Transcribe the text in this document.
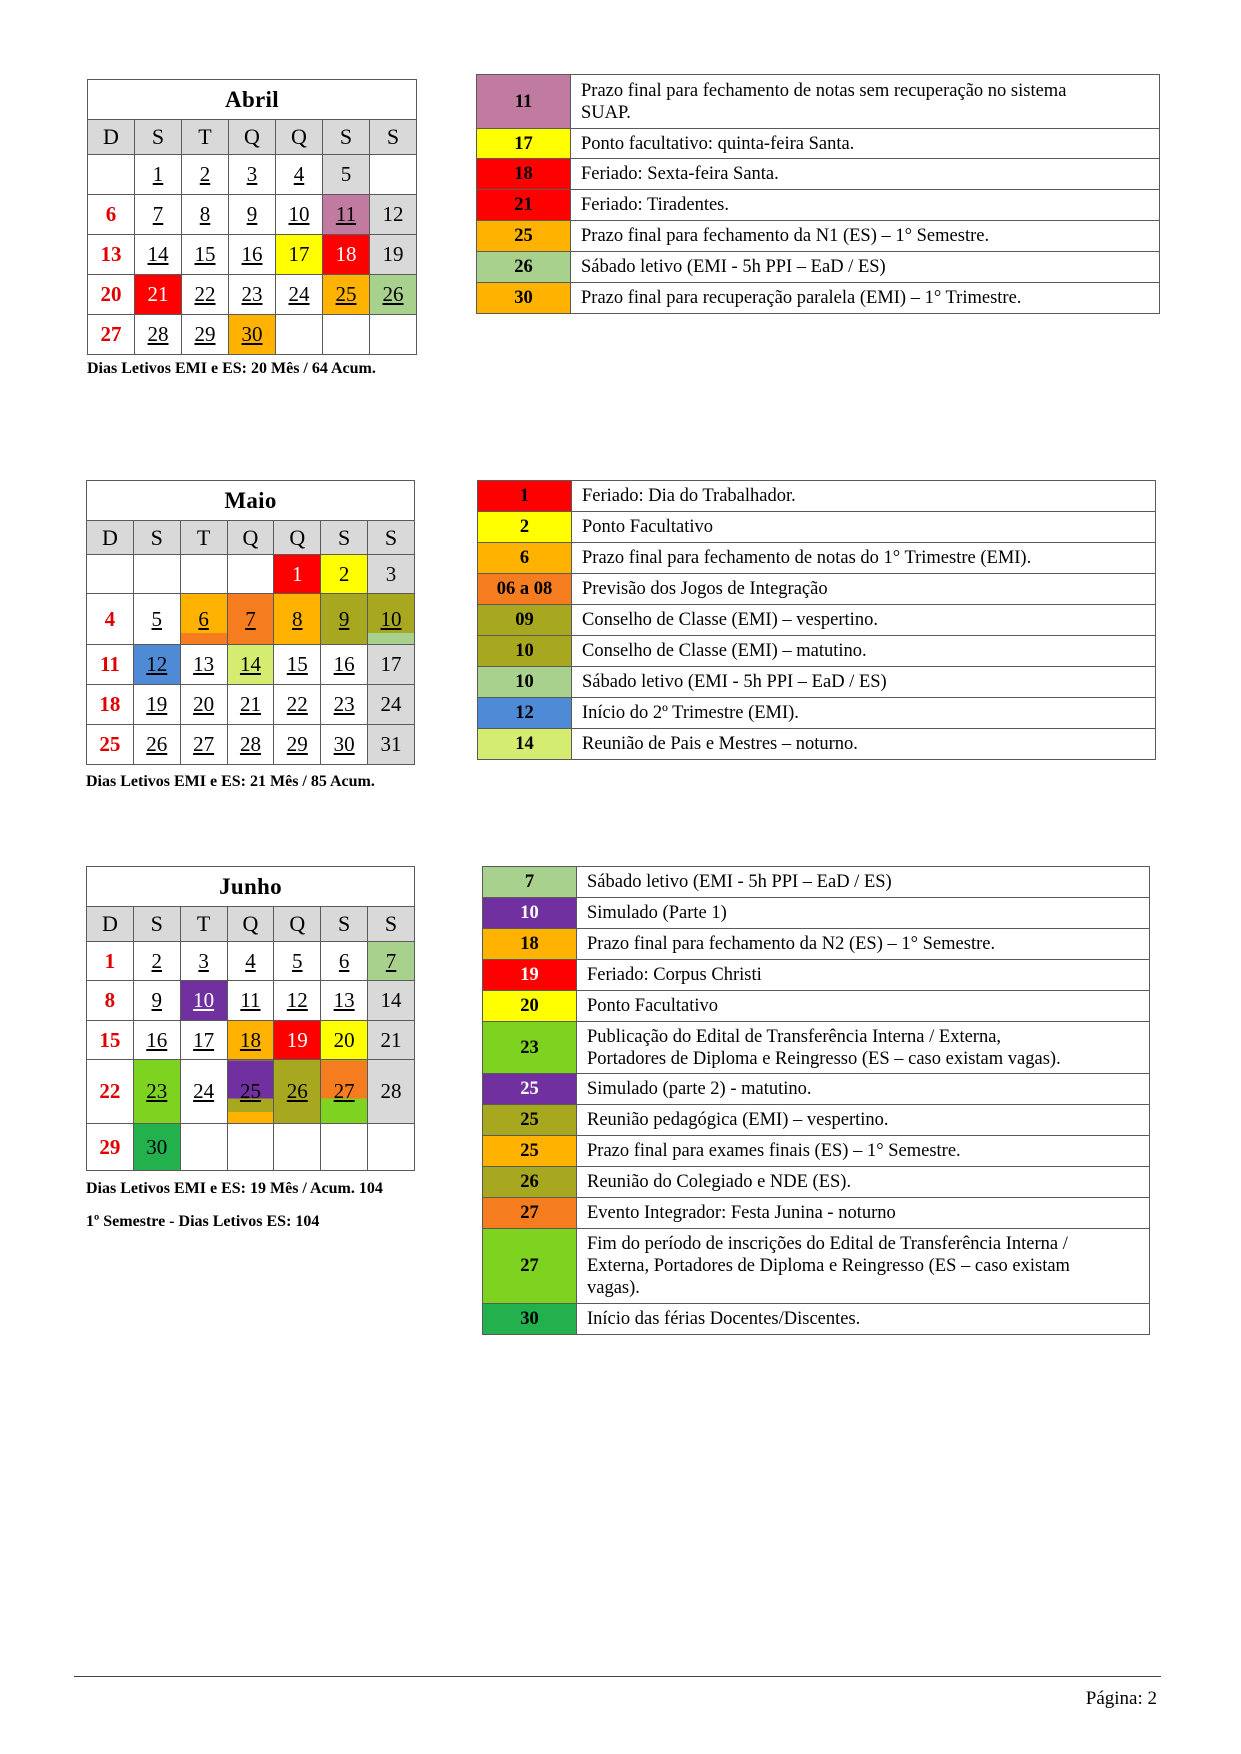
Abril						
D	S	T	Q	Q	S	S
	1	2	3	4	5	
6	7	8	9	10	11	12
13	14	15	16	17	18	19
20	21	22	23	24	25	26
27	28	29	30			
Dias Letivos EMI e ES: 20 Mês / 64 Acum.
Maio						
D	S	T	Q	Q	S	S
				1	2	3
4	5	6	7	8	9	10
11	12	13	14	15	16	17
18	19	20	21	22	23	24
25	26	27	28	29	30	31
Dias Letivos EMI e ES: 21 Mês / 85 Acum.
Junho						
D	S	T	Q	Q	S	S
1	2	3	4	5	6	7
8	9	10	11	12	13	14
15	16	17	18	19	20	21
22	23	24	25	26	27	28
29	30					
Dias Letivos EMI e ES: 19 Mês / Acum. 104
1º Semestre - Dias Letivos ES: 104
11	Prazo final para fechamento de notas sem recuperação no sistema
SUAP.

17	Ponto facultativo: quinta-feira Santa.

18	Feriado: Sexta-feira Santa.

21	Feriado: Tiradentes.

25	Prazo final para fechamento da N1 (ES) – 1° Semestre.

26	Sábado letivo (EMI - 5h PPI – EaD / ES)

30	Prazo final para recuperação paralela (EMI) – 1° Trimestre.
1	Feriado: Dia do Trabalhador.

2	Ponto Facultativo

6	Prazo final para fechamento de notas do 1° Trimestre (EMI).

06 a 08	Previsão dos Jogos de Integração

09	Conselho de Classe (EMI) – vespertino.

10	Conselho de Classe (EMI) – matutino.

10	Sábado letivo (EMI - 5h PPI – EaD / ES)

12	Início do 2º Trimestre (EMI).

14	Reunião de Pais e Mestres – noturno.
7	Sábado letivo (EMI - 5h PPI – EaD / ES)

10	Simulado (Parte 1)

18	Prazo final para fechamento da N2 (ES) – 1° Semestre.

19	Feriado: Corpus Christi

20	Ponto Facultativo

23	Publicação do Edital de Transferência Interna / Externa,
Portadores de Diploma e Reingresso (ES – caso existam vagas).

25	Simulado (parte 2) - matutino.

25	Reunião pedagógica (EMI) – vespertino.

25	Prazo final para exames finais (ES) – 1° Semestre.

26	Reunião do Colegiado e NDE (ES).

27	Evento Integrador: Festa Junina - noturno

27	Fim do período de inscrições do Edital de Transferência Interna /
Externa, Portadores de Diploma e Reingresso (ES – caso existam
vagas).

30	Início das férias Docentes/Discentes.
Página: 2
